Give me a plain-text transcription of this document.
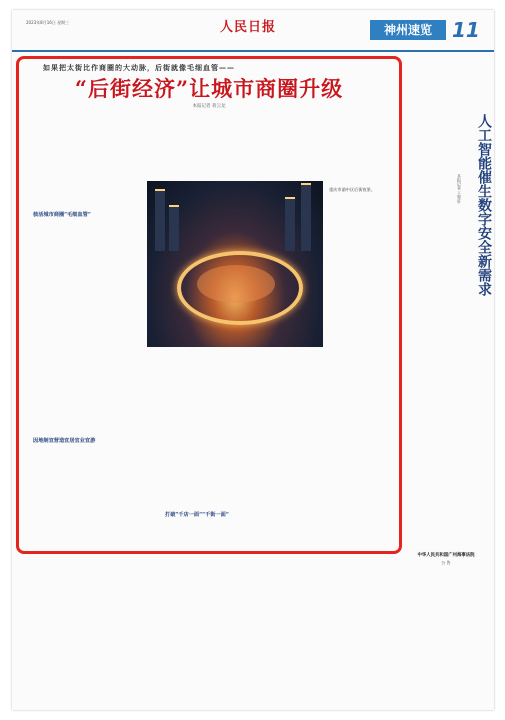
2023年8月16日 星期三	人民日报	神州速览	11
如果把太街比作商圈的大动脉，后街就像毛细血管——
“后街经济”让城市商圈升级
本报记者 蒋云龙
重庆市渝中区后街夜景。
核活城市商圈“毛细血管”
因地制宜营造宜居宜业宜游
打破“千店一面”“千街一面”
人工智能催生数字安全新需求
本报记者 王智轩
中华人民共和国广州海事法院
公 告
